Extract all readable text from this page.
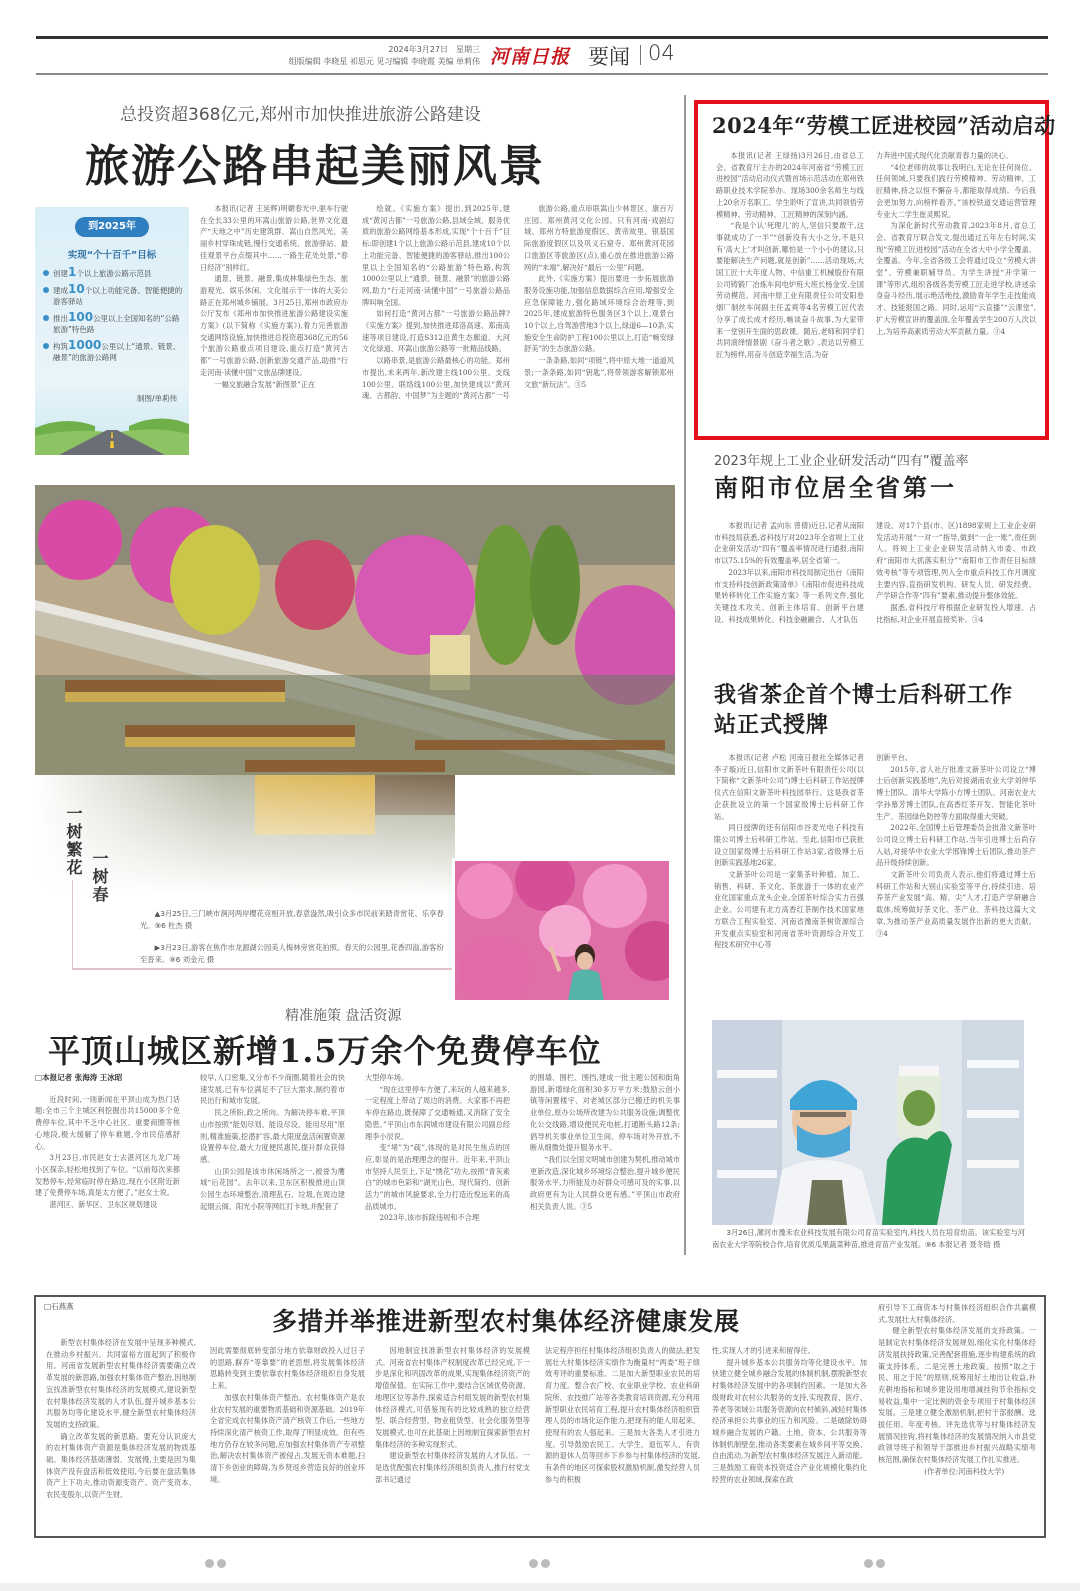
2024年3月27日　星期三
组版编辑 李晓星 祁思元 见习编辑 李晓霞 美编 单莉伟 河南日报 要闻 04
总投资超368亿元,郑州市加快推进旅游公路建设
旅游公路串起美丽风景
到2025年
实现“个十百千”目标
创建1个以上旅游公路示范县
建成10个以上功能完备、智能便捷的游客驿站
推出100公里以上全国知名的“公路旅游”特色路
构筑1000公里以上“通景、链景、融景”的旅游公路网
制图/单莉伟

本报讯(记者 王延辉)明媚春光中,驱车行驶在全长33公里的环嵩山旅游公路,世界文化遗产“天地之中”历史建筑群、嵩山自然风光、美丽乡村穿珠成链,慢行交通系统、旅游驿站、最佳观景平台点缀其中……一路生花处处景,“春日经济”别样红。

通景、链景、融景,集成林集绿色生态、旅游观光、娱乐休闲、文化展示于一体的大美公路正在郑州城乡铺展。3月25日,郑州市政府办公厅发布《郑州市加快推进旅游公路建设实施方案》(以下简称《实施方案》),着力完善旅游交通网络设施,加快推进总投资超368亿元的56个旅游公路重点项目建设,重点打造“黄河古都”一号旅游公路,创新旅游交通产品,助推“行走河南·读懂中国”文旅品牌建设。

一幅交旅融合发展“新图景”正在

绘就。《实施方案》提出,到2025年,建成“黄河古都”一号旅游公路,县域全域、服务优质的旅游公路网络基本形成,实现“个十百千”目标:即创建1个以上旅游公路示范县,建成10个以上功能完备、智能便捷的游客驿站,推出100公里以上全国知名的“公路旅游”特色路,构筑1000公里以上“通景、链景、融景”的旅游公路网,助力“行走河南·读懂中国”一号旅游公路品牌叫响全国。

如何打造“黄河古都”一号旅游公路品牌?《实施方案》提到,加快推进郑洛高速、郑南高速等项目建设,打造S312沿黄生态廊道、大河文化绿道、环嵩山旅游公路等一批精品线路。

以路串景,是旅游公路最核心的功能。郑州市提出,未来两年,新改建主线100公里、支线100公里、联络线100公里,加快建成以“黄河魂、古都韵、中国梦”为主题的“黄河古都”一号

旅游公路,重点串联嵩山少林景区、康百万庄园、郑州黄河文化公园、只有河南·戏剧幻城、郑州方特旅游度假区、黄帝故里、银基国际旅游度假区以及巩义石窟寺、郑州黄河花园口旅游区等旅游区(点),重心放在推进旅游公路网的“末端”,解决好“最后一公里”问题。

此外,《实施方案》提出要进一步拓展旅游服务设施功能,加强信息数据综合应用,增强安全应急保障能力,强化路域环境综合治理等,到2025年,建成旅游特色服务区3个以上,观景台10个以上,自驾游营地3个以上,绿道6—10条,实施安全生命防护工程100公里以上,打造“畅安绿舒美”的生态旅游公路。

一条条路,如同“项链”,将中原大地一道道风景;一条条路,如同“钥匙”,将带领游客解锁郑州文旅“新玩法”。③5

一树繁花 一树春
▲3月25日,三门峡市涧河两岸樱花竞相开放,春意盎然,吸引众多市民前来踏青赏花、乐享春光。⑨6 杜杰 摄
▶3月23日,游客在焦作市龙源湖公园美人梅林旁赏花拍照。春天的公园里,花香四溢,游客纷至沓来。⑨6 刘金元 摄
精准施策 盘活资源
平顶山城区新增1.5万余个免费停车位
□本报记者 张海涛 王冰昭

近段时间,一则新闻在平顶山成为热门话题:全市三个主城区利挖掘出共15000多个免费停车位,其中不乏中心社区、重要商圈等核心地段,极大缓解了停车难题,令市民倍感舒心。

3月23日,市民赵女士去湛河区九龙广场小区探亲,轻松地找到了车位。“以前每次来都发愁停车,经常临时停在路边,现在小区附近新建了免费停车场,真是太方便了。”赵女士说。

湛河区、新华区、卫东区规划建设

较早,人口密集,又分布不少商圈,随着社会的快速发展,已有车位满足不了巨大需求,制约着市民出行和城市发展。

民之所盼,政之所向。为解决停车难,平顶山市按照“能划尽划、能设尽设、能用尽用”原则,精准施策,挖潜扩容,最大限度盘活闲置资源设置停车位,最大力度便民惠民,提升群众获得感。

山顶公园是该市休闲场所之一,被誉为鹰城“后花园”。去年以来,卫东区积极推进山顶公园生态环境整治,清理乱石、垃圾,在周边建起烟云阁、阳光小院等网红打卡地,并配套了

大型停车场。

“现在这里停车方便了,来玩的人越来越多,一定程度上带动了周边的消费。大家都不再把车停在路边,既保障了交通畅通,又消除了安全隐患。”平顶山市东润城市建设有限公司副总经理李小辰说。

变“堵”为“疏”,体现的是对民生焦点的回应,彰显的是治理理念的提升。近年来,平顶山市坚持人民至上,下足“绣花”功夫,按照“青灰素白”的城市色彩和“湖光山色、现代简约、创新活力”的城市风貌要求,全力打造近悦远来的高品质城市。

2023年,该市拆除违规和不合理

的围墙、围栏、围挡,建成一批主题公园和街角游园,新增绿化面积30多万平方米;鼓励云创小镇等闲置楼宇、对老城区部分已搬迁的机关事业单位,原办公场所改建为公共服务设施;调整优化公交线路,增设便民充电桩,打通断头路12条;倡导机关事业单位卫生间、停车场对外开放,不断从细微处提升服务水平。

“我们以全国文明城市创建为契机,推动城市更新改造,深化城乡环境综合整治,提升城乡便民服务水平,力所能及办好群众可感可及的实事,以政府更有为让人民群众更有感。”平顶山市政府相关负责人说。③5

2024年“劳模工匠进校园”活动启动

本报讯(记者 王绿扬)3月26日,由省总工会、省教育厅主办的2024年河南省“劳模工匠进校园”活动启动仪式暨首场示范活动在郑州铁路职业技术学院举办。现场300余名师生与线上20余万名职工、学生聆听了宣讲,共同领悟劳模精神、劳动精神、工匠精神的深刻内涵。

“我是个认‘死理儿’的人,坚信只要敢干,这事就成功了一半”“创新没有大小之分,不是只有‘高大上’才叫创新,哪怕是一个小小的建议,只要能解决生产问题,就是创新”……活动现场,大国工匠十大年度人物、中信重工机械股份有限公司铸锻厂冶炼车间电炉班大班长杨金安,全国劳动模范、河南中原工业有限责任公司安阳卷烟厂制丝车间副主任孟爽等4名劳模工匠代表分享了成长成才经历,畅谈奋斗故事,为大家带来一堂别开生面的思政课。随后,老师和同学们共同演绎情景剧《奋斗者之歌》,表达以劳模工匠为榜样,用奋斗创造幸福生活,为奋

力奔进中国式现代化贡献青春力量的决心。

“4位老师的故事让我明白,无论在任何岗位、任何领域,只要我们践行劳模精神、劳动精神、工匠精神,持之以恒不懈奋斗,都能取得成绩。今后我会更加努力,向榜样看齐。”该校铁道交通运营管理专业大二学生崔灵熙说。

为深化新时代劳动教育,2023年8月,省总工会、省教育厅联合发文,提出通过五年左右时间,实现“劳模工匠进校园”活动在全省大中小学全覆盖、全覆盖。今年,全省各级工会将通过设立“劳模大讲堂”、劳模兼职辅导员、为学生讲授“开学第一课”等形式,组织各级各类劳模工匠走进学校,讲述亲身奋斗经历,展示绝活绝技,激励青年学生走技能成才、技能报国之路。同时,运用“云直播”“云课堂”,扩大劳模宣讲的覆盖面,全年覆盖学生200万人次以上,为培养高素质劳动大军贡献力量。③4

2023年规上工业企业研发活动“四有”覆盖率
南阳市位居全省第一

本报讯(记者 孟向东 曾倩)近日,记者从南阳市科技局获悉,省科技厅对2023年全省规上工业企业研发活动“四有”覆盖率情况进行通报,南阳市以75.15%的有效覆盖率,居全省第一。

2023年以来,南阳市科技局制定出台《南阳市支持科技创新政策清单》《南阳市促进科技成果转移转化工作实施方案》等一系列文件,强化关键技术攻关、创新主体培育、创新平台建设、科技成果转化、科技金融融合、人才队伍

建设。对17个县(市、区)1898家规上工业企业研发活动开展“一对一”指导,做到“一企一账”,责任到人。将规上工业企业研发活动纳入市委、市政府“南阳市大抓落实积分”“南阳市工作责任目标绩效考核”等专项管理,列入全市重点科技工作月调度主要内容,直指研发机构、研发人员、研发经费、产学研合作等“四有”要素,推动提升整体效能。

据悉,省科技厅将根据企业研发投入增速、占比指标,对企业开展直接奖补。③4

我省茶企首个博士后科研工作站正式授牌

本报讯(记者 卢松 河南日报社全媒体记者 李子璇)近日,信阳市文新茶叶有限责任公司(以下简称“文新茶叶公司”)博士后科研工作站授牌仪式在信阳文新茶叶科技园举行。这是我省茶企获批设立的第一个国家级博士后科研工作站。

同日授牌的还有信阳市谷麦光电子科技有限公司博士后科研工作站。至此,信阳市已获批设立国家级博士后科研工作站3家,省级博士后创新实践基地26家。

文新茶叶公司是一家集茶叶种植、加工、销售、科研、茶文化、茶旅游于一体的农业产业化国家重点龙头企业,全国茶叶综合实力百强企业。公司建有北方高香红茶制作技术国家地方联合工程实验室、河南省豫南茶树资源综合开发重点实验室和河南省茶叶资源综合开发工程技术研究中心等

创新平台。

2015年,省人社厅批准文新茶叶公司设立“博士后创新实践基地”,先后对接湖南农业大学刘仲华博士团队、清华大学陈小方博士团队、河南农业大学孙慕芳博士团队,在高香红茶开发、智能化茶叶生产、茶园绿色防控等方面取得重大突破。

2022年,全国博士后管理委员会批准文新茶叶公司设立博士后科研工作站,当年引进博士后尚存入站,对接华中农业大学邢锋博士后团队,推动茶产品升级持续创新。

文新茶叶公司负责人表示,他们将通过博士后科研工作站和大别山实验室等平台,持续引进、培养茶产业发展“高、精、尖”人才,打造产学研融合载体,统筹做好茶文化、茶产业、茶科技这篇大文章,为推动茶产业高质量发展作出新的更大贡献。③4

3月26日,漯河市豫禾农业科技发展有限公司育苗实验室内,科技人员在培育幼苗。该实验室与河南农业大学等院校合作,培育优质瓜果蔬菜种苗,推进育苗产业发展。⑨6 本报记者 聂冬晗 摄
□石燕燕
多措并举推进新型农村集体经济健康发展

新型农村集体经济在发展中呈现多种模式,在推动乡村振兴、共同富裕方面起到了积极作用。河南省发展新型农村集体经济需要确立改革发展的新思路,加强农村集体资产整治,因地制宜找准新型农村集体经济的发展模式,建设新型农村集体经济发展的人才队伍,提升城乡基本公共服务均等化建设水平,健全新型农村集体经济发展的支持政策。

确立改革发展的新思路。要充分认识庞大的农村集体资产资源是集体经济发展的物质基础。集体经济基础薄弱、发展慢,主要是因为集体资产没有盘活和低效使用,今后要在盘活集体资产上下功夫,推动资源变资产、资产变资本、农民变股东,以资产生财,

因此需要彻底转变部分地方依靠财政投入过日子的思路,摒弃“等靠要”的老思想,将发展集体经济思路转变到主要依靠农村集体经济组织自身发展上来。

加强农村集体资产整治。农村集体资产是农业农村发展的重要物质基础和资源基础。2019年全省完成农村集体资产清产核资工作后,一些地方持续深化清产核资工作,取得了明显成效。但有些地方仍存在较多问题,应加强农村集体资产专项整治,解决农村集体资产被侵占,发展无资本难题,扫清下乡创业的障碍,为乡贤返乡营造良好的创业环境。

因地制宜找准新型农村集体经济的发展模式。河南省农村集体产权制度改革已经完成,下一步是深化和巩固改革的成果,实现集体经济资产的增值保值。在实际工作中,要结合区域优势资源、地理区位等条件,探索适合村组发展的新型农村集体经济模式,可借鉴现有的比较成熟的独立经营型、联合经营型、物业租赁型、社会化服务型等发展模式,也可在此基础上因地制宜探索新型农村集体经济的多种实现形式。

建设新型农村集体经济发展的人才队伍。一是选优配强农村集体经济组织负责人,推行村党支部书记通过

法定程序担任村集体经济组织负责人的做法,把发展壮大村集体经济实绩作为衡量村“两委”班子绩效考评的重要标准。二是加大新型职业农民的培育力度。整合农广校、农业职业学校、农业科研院所、农技推广站等各类教育培训资源,充分利用新型职业农民培育工程,提升农村集体经济组织管理人员的市场化运作能力,把现有的能人用起来、使现有的农人强起来。三是加大各类人才引进力度。引导鼓励农民工、大学生、退伍军人、有资源的退休人员等回乡下乡参与村集体经济的发展,有条件的地区可探索股权激励机制,激发经营人员参与的积极

性,实现人才的引进来和留得住。

提升城乡基本公共服务均等化建设水平。加快建立健全城乡融合发展的体制机制,摆脱新型农村集体经济发展中的各项制约因素。一是加大各级财政对农村公共服务的支持,实现教育、医疗、养老等领域公共服务资源向农村倾斜,减轻村集体经济承担公共事业的压力和风险。二是破除妨碍城乡融合发展的户籍、土地、资本、公共服务等体制机制壁垒,推动各类要素在城乡间平等交换、自由流动,为新型农村集体经济发展注入新动能。三是鼓励工商资本投资适合产业化规模化集约化经营的农业领域,探索在政

府引导下工商资本与村集体经济组织合作共赢模式,发展壮大村集体经济。

健全新型农村集体经济发展的支持政策。一是制定农村集体经济发展规划,细化实化村集体经济发展扶持政策,完善配套措施,逐步构建系统的政策支持体系。二是完善土地政策。按照“取之于民、用之于民”的原则,统筹用好土地出让收益,补充耕地指标和城乡建设用地增减挂钩节余指标交易收益,集中一定比例的资金专项用于村集体经济发展。三是建立健全激励机制,把村干部报酬、选拔任用、年度考核、评先选优等与村集体经济发展情况挂钩,将村集体经济的发展情况纳入市县党政领导班子和领导干部推进乡村振兴战略实绩考核范围,确保农村集体经济发展工作扎实推进。

(作者单位:河南科技大学)
